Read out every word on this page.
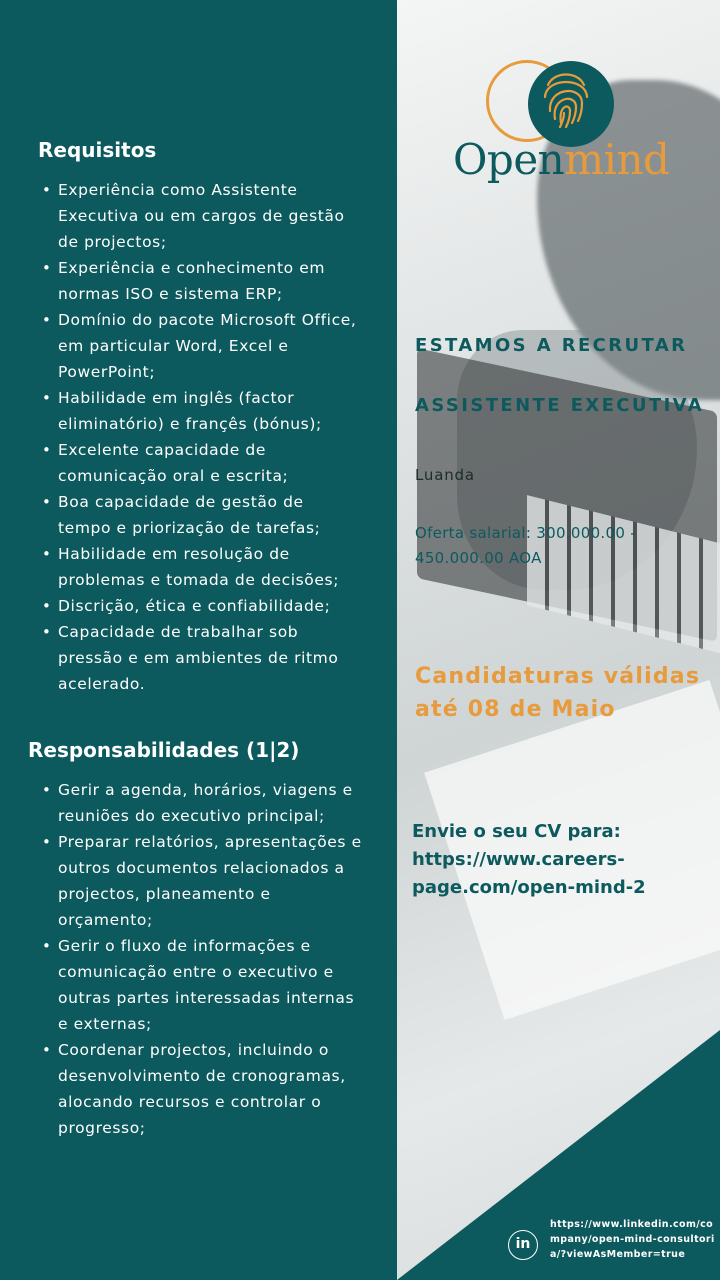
Requisitos
• Experiência como Assistente Executiva ou em cargos de gestão de projectos;
• Experiência e conhecimento em normas ISO e sistema ERP;
• Domínio do pacote Microsoft Office, em particular Word, Excel e PowerPoint;
• Habilidade em inglês (factor eliminatório) e françês (bónus);
• Excelente capacidade de comunicação oral e escrita;
• Boa capacidade de gestão de tempo e priorização de tarefas;
• Habilidade em resolução de problemas e tomada de decisões;
• Discrição, ética e confiabilidade;
• Capacidade de trabalhar sob pressão e em ambientes de ritmo acelerado.
Responsabilidades (1|2)
• Gerir a agenda, horários, viagens e reuniões do executivo principal;
• Preparar relatórios, apresentações e outros documentos relacionados a projectos, planeamento e orçamento;
• Gerir o fluxo de informações e comunicação entre o executivo e outras partes interessadas internas e externas;
• Coordenar projectos, incluindo o desenvolvimento de cronogramas, alocando recursos e controlar o progresso;
Openmind

ESTAMOS A RECRUTAR

ASSISTENTE EXECUTIVA

Luanda

Oferta salarial: 300.000.00 - 450.000.00 AOA

Candidaturas válidas até 08 de Maio

Envie o seu CV para:
https://www.careers-page.com/open-mind-2
in
https://www.linkedin.com/company/open-mind-consultoria/?viewAsMember=true
